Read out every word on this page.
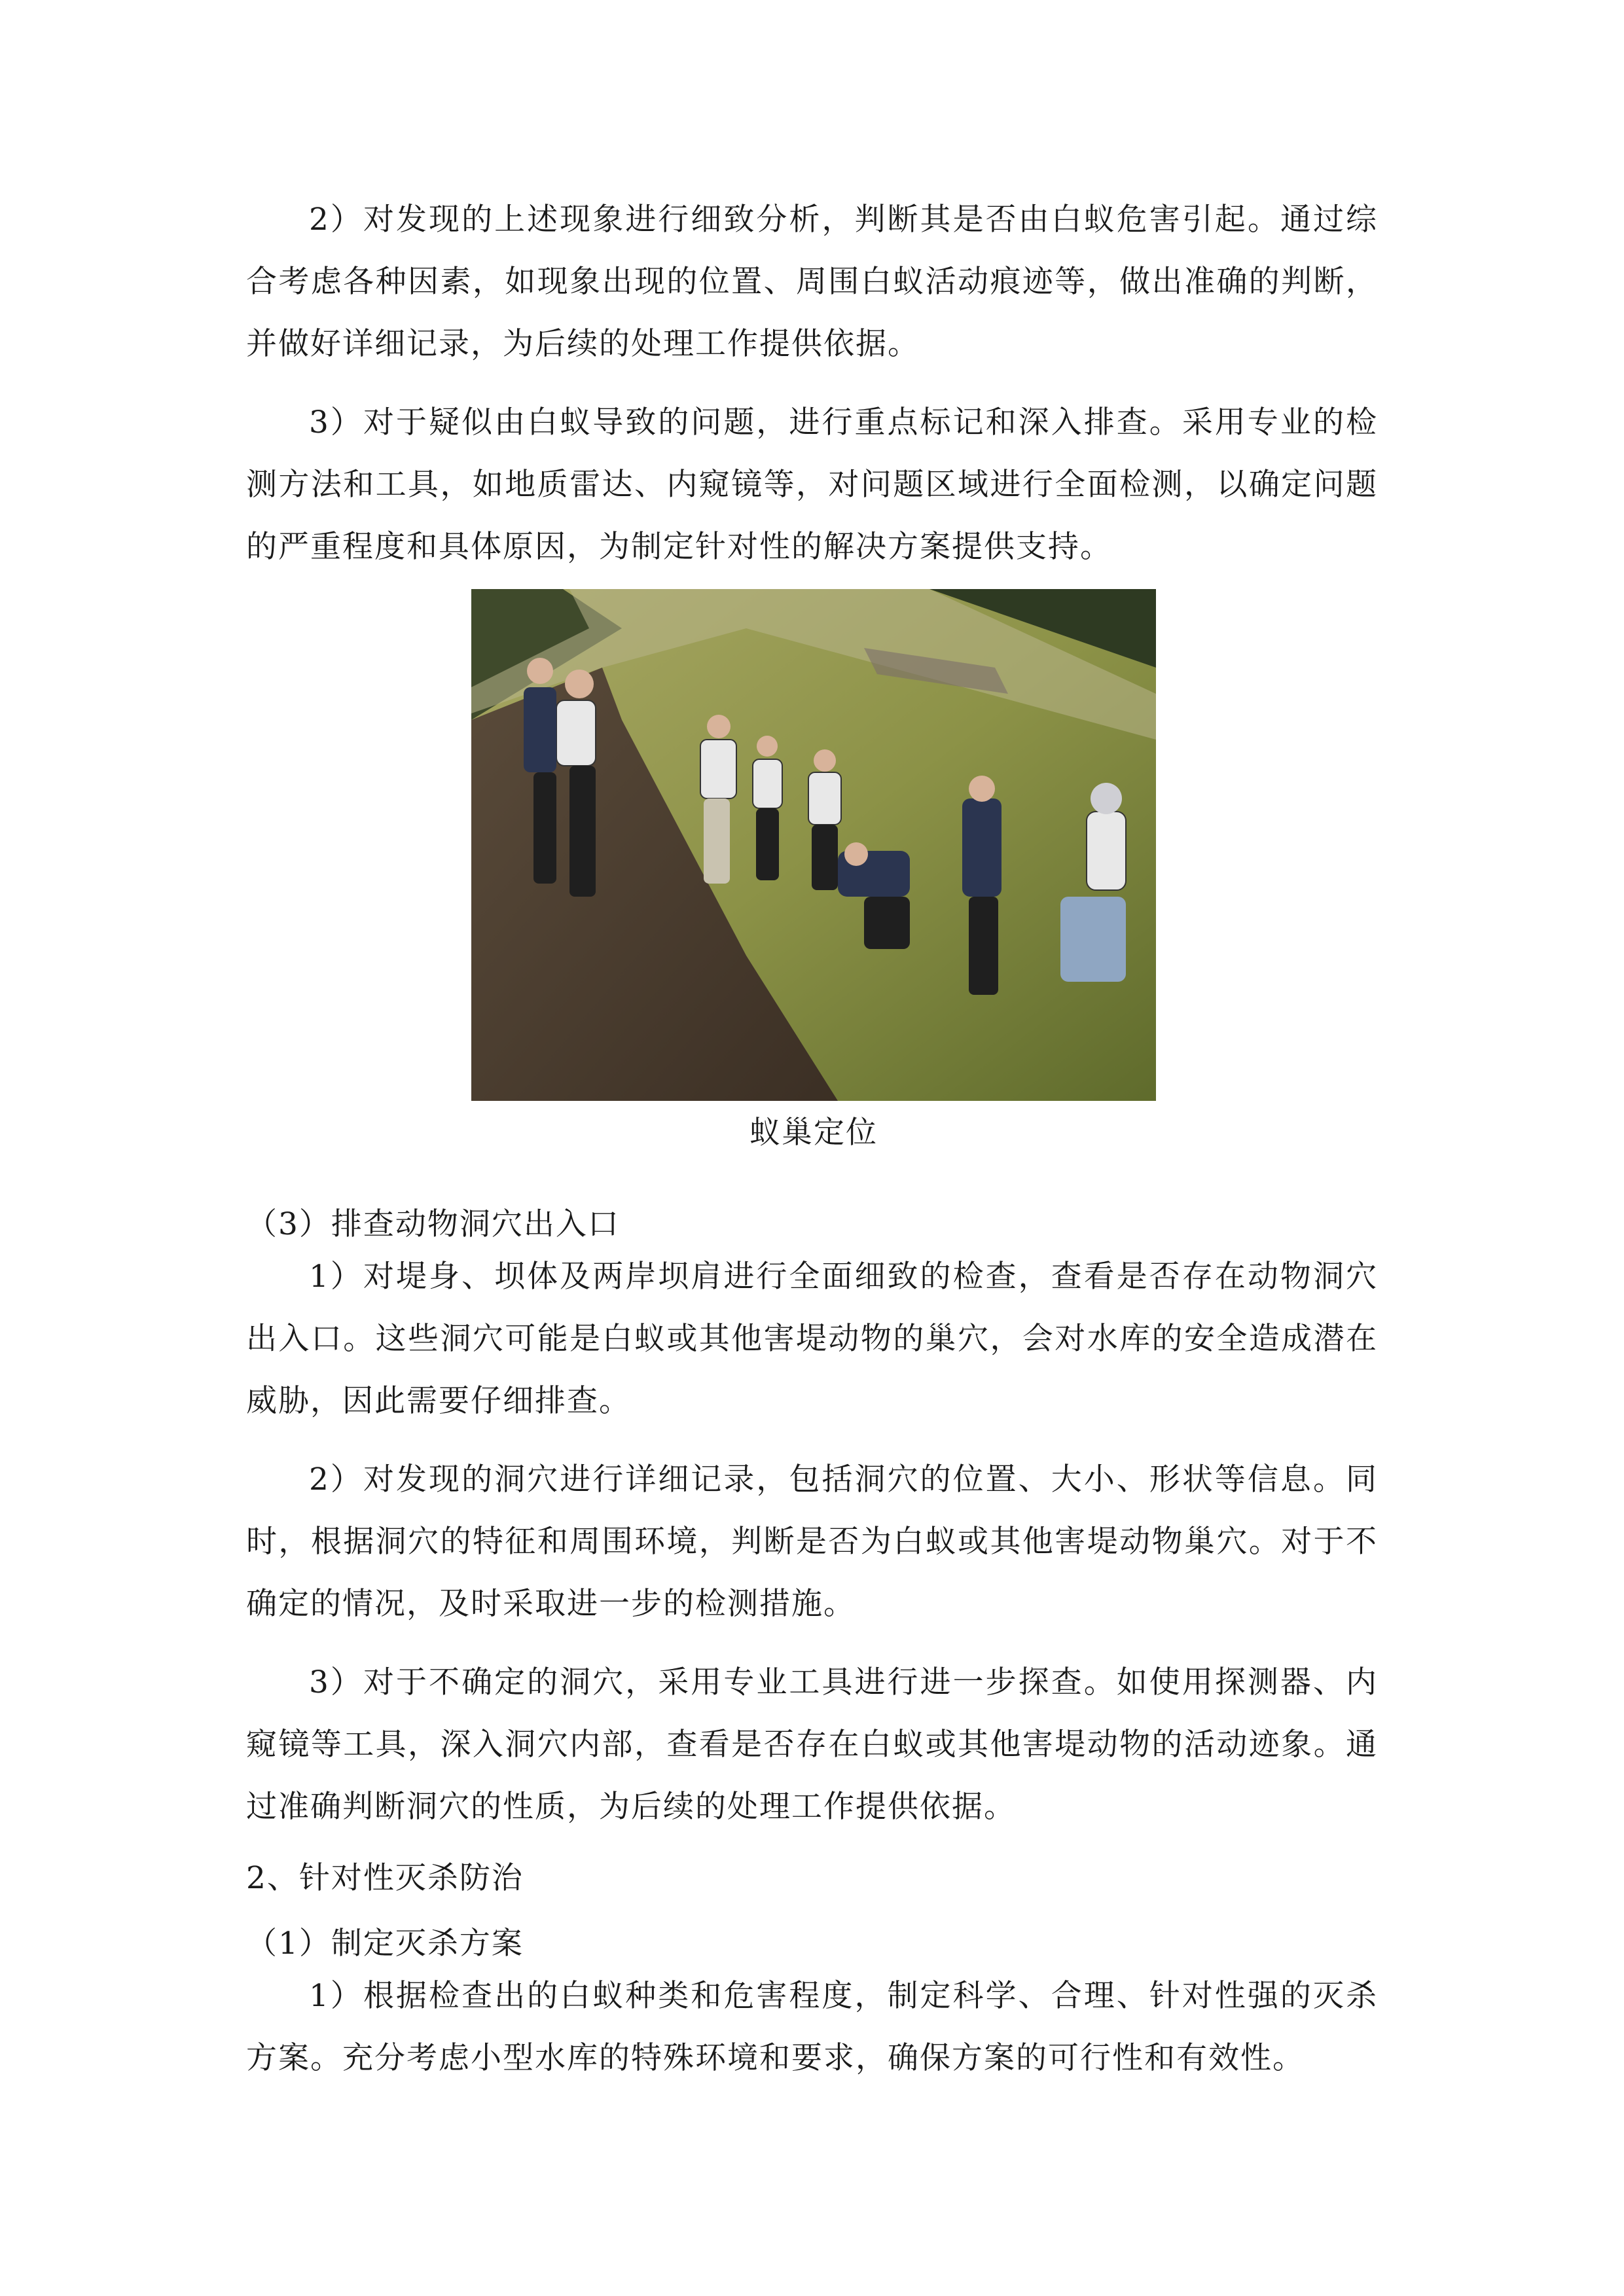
2）对发现的上述现象进行细致分析，判断其是否由白蚁危害引起。通过综合考虑各种因素，如现象出现的位置、周围白蚁活动痕迹等，做出准确的判断，并做好详细记录，为后续的处理工作提供依据。

3）对于疑似由白蚁导致的问题，进行重点标记和深入排查。采用专业的检测方法和工具，如地质雷达、内窥镜等，对问题区域进行全面检测，以确定问题的严重程度和具体原因，为制定针对性的解决方案提供支持。

蚁巢定位

（3）排查动物洞穴出入口

1）对堤身、坝体及两岸坝肩进行全面细致的检查，查看是否存在动物洞穴出入口。这些洞穴可能是白蚁或其他害堤动物的巢穴，会对水库的安全造成潜在威胁，因此需要仔细排查。

2）对发现的洞穴进行详细记录，包括洞穴的位置、大小、形状等信息。同时，根据洞穴的特征和周围环境，判断是否为白蚁或其他害堤动物巢穴。对于不确定的情况，及时采取进一步的检测措施。

3）对于不确定的洞穴，采用专业工具进行进一步探查。如使用探测器、内窥镜等工具，深入洞穴内部，查看是否存在白蚁或其他害堤动物的活动迹象。通过准确判断洞穴的性质，为后续的处理工作提供依据。

2、针对性灭杀防治

（1）制定灭杀方案

1）根据检查出的白蚁种类和危害程度，制定科学、合理、针对性强的灭杀方案。充分考虑小型水库的特殊环境和要求，确保方案的可行性和有效性。
